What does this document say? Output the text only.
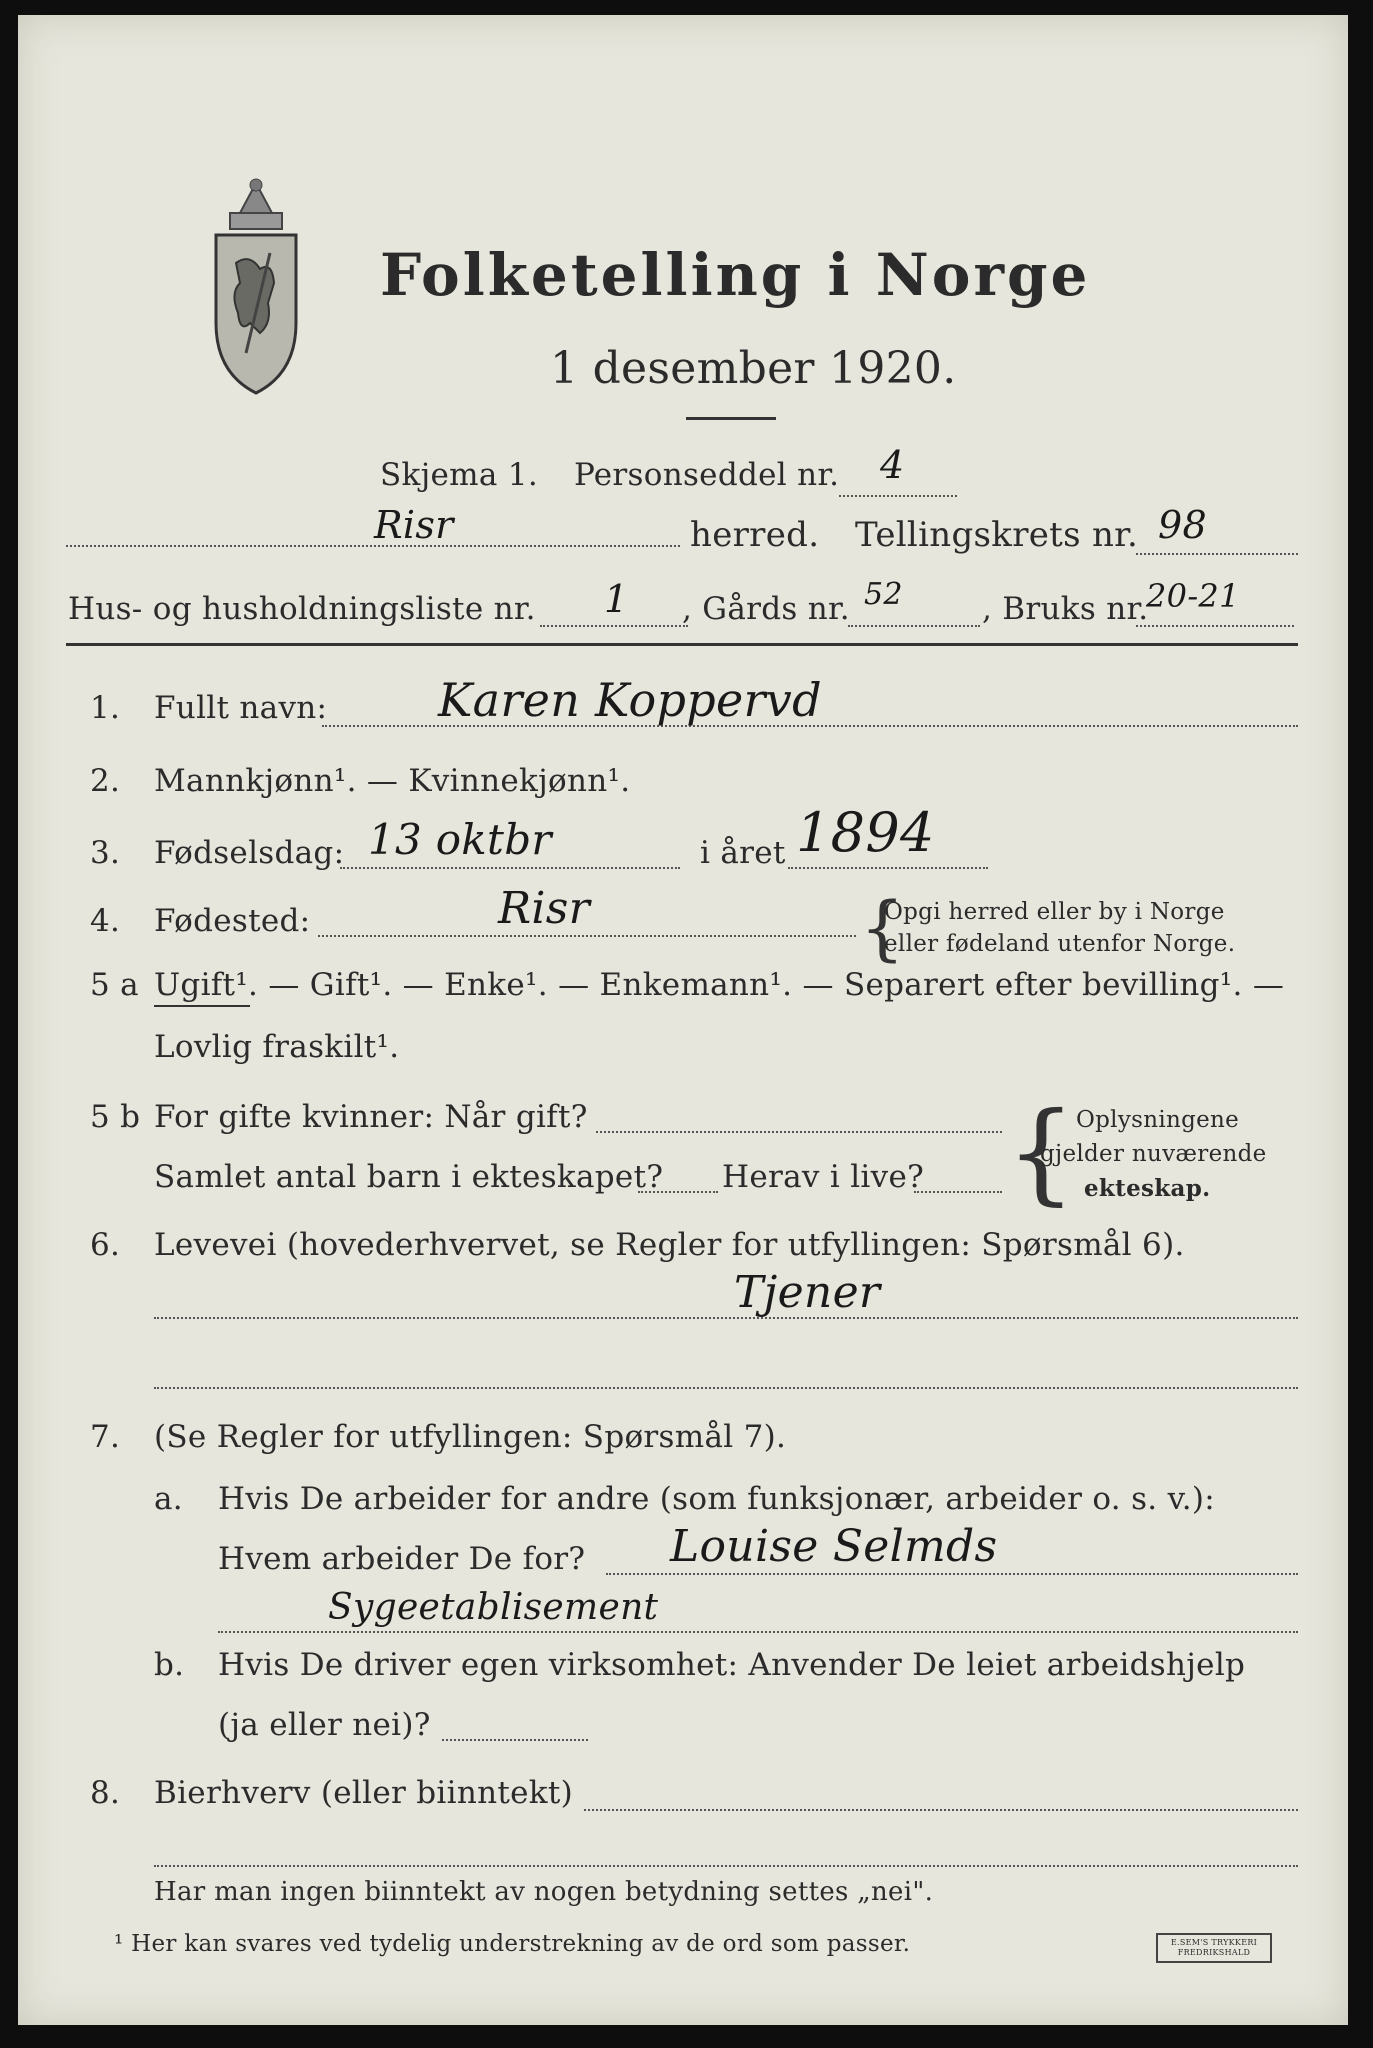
Folketelling i Norge
1 desember 1920.
Skjema 1. Personseddel nr. 4
Risr	herred. Tellingskrets nr. 98
Hus- og husholdningsliste nr. 1 , Gårds nr. 52	, Bruks nr.
20-21
1. Fullt navn: Karen Koppervd
2. Mannkjønn¹. — Kvinnekjønn¹.
3. Fødselsdag: 13 oktbr	i året 1894
4. Fødested:	Risr	{
Opgi herred eller by i Norge
eller fødeland utenfor Norge.
5 a Ugift¹. — Gift¹. — Enke¹. — Enkemann¹. — Separert efter bevilling¹. —
Lovlig fraskilt¹.
5 b For gifte kvinner: Når gift?
Samlet antal barn i ekteskapet? Herav i live? { Oplysningene
gjelder nuværende
ekteskap.
6. Levevei (hovederhvervet, se Regler for utfyllingen: Spørsmål 6).
Tjener
7. (Se Regler for utfyllingen: Spørsmål 7).
a. Hvis De arbeider for andre (som funksjonær, arbeider o. s. v.):
Hvem arbeider De for? Louise Selmds
Sygeetablisement
b. Hvis De driver egen virksomhet: Anvender De leiet arbeidshjelp
(ja eller nei)?
8. Bierhverv (eller biinntekt)
Har man ingen biinntekt av nogen betydning settes „nei".
¹ Her kan svares ved tydelig understrekning av de ord som passer.	E.SEM'S TRYKKERI FREDRIKSHALD
